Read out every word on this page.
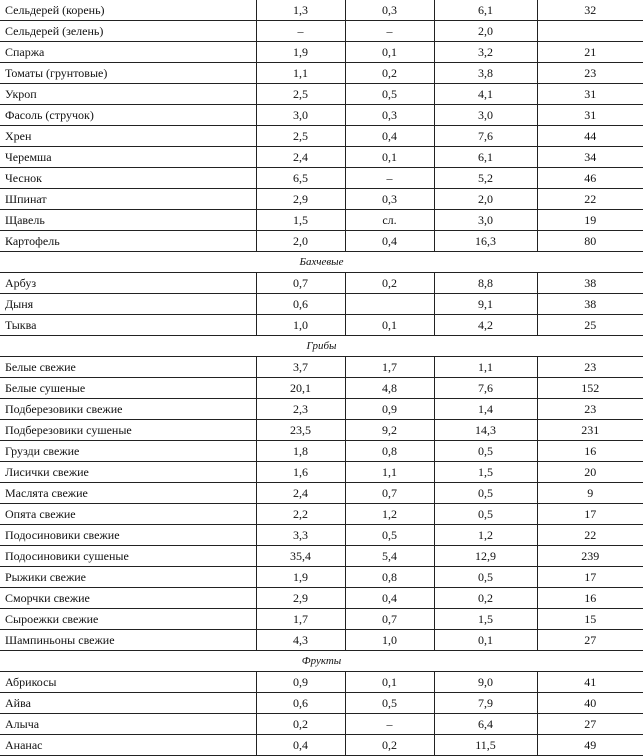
Сельдерей (корень)	1,3	0,3	6,1	32
Сельдерей (зелень)	–	–	2,0	
Спаржа	1,9	0,1	3,2	21
Томаты (грунтовые)	1,1	0,2	3,8	23
Укроп	2,5	0,5	4,1	31
Фасоль (стручок)	3,0	0,3	3,0	31
Хрен	2,5	0,4	7,6	44
Черемша	2,4	0,1	6,1	34
Чеснок	6,5	–	5,2	46
Шпинат	2,9	0,3	2,0	22
Щавель	1,5	сл.	3,0	19
Картофель	2,0	0,4	16,3	80
Бахчевые				
Арбуз	0,7	0,2	8,8	38
Дыня	0,6		9,1	38
Тыква	1,0	0,1	4,2	25
Грибы				
Белые свежие	3,7	1,7	1,1	23
Белые сушеные	20,1	4,8	7,6	152
Подберезовики свежие	2,3	0,9	1,4	23
Подберезовики сушеные	23,5	9,2	14,3	231
Грузди свежие	1,8	0,8	0,5	16
Лисички свежие	1,6	1,1	1,5	20
Маслята свежие	2,4	0,7	0,5	9
Опята свежие	2,2	1,2	0,5	17
Подосиновики свежие	3,3	0,5	1,2	22
Подосиновики сушеные	35,4	5,4	12,9	239
Рыжики свежие	1,9	0,8	0,5	17
Сморчки свежие	2,9	0,4	0,2	16
Сыроежки свежие	1,7	0,7	1,5	15
Шампиньоны свежие	4,3	1,0	0,1	27
Фрукты				
Абрикосы	0,9	0,1	9,0	41
Айва	0,6	0,5	7,9	40
Алыча	0,2	–	6,4	27
Ананас	0,4	0,2	11,5	49
